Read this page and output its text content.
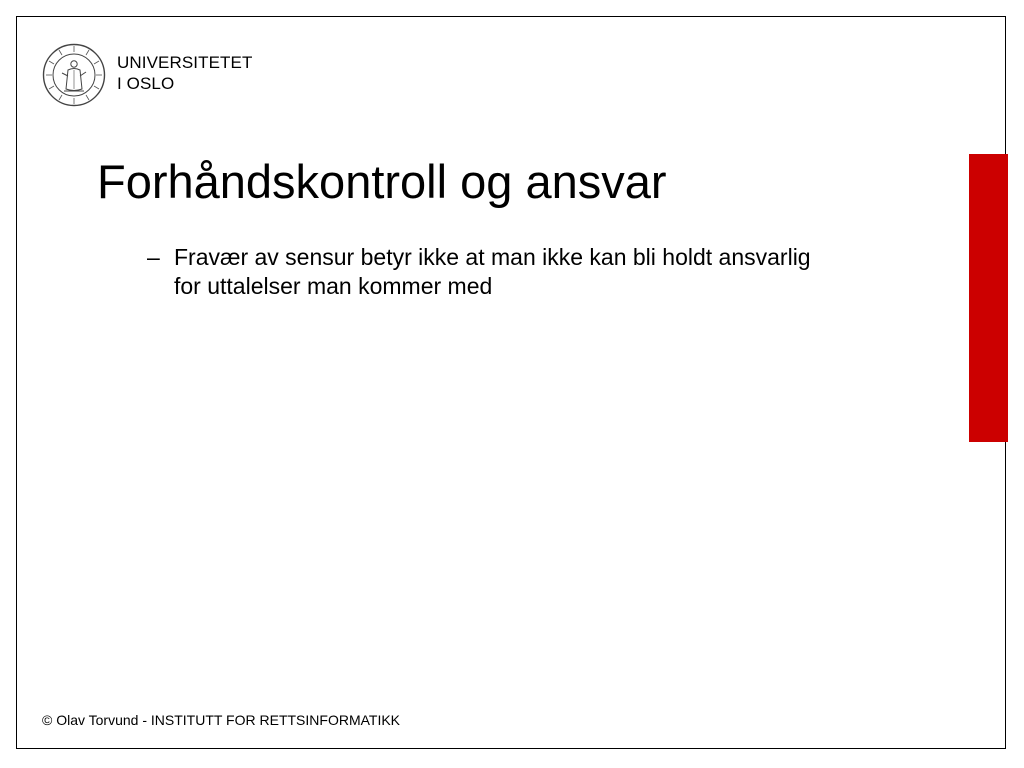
UNIVERSITETET
I OSLO
Forhåndskontroll og ansvar
– Fravær av sensur betyr ikke at man ikke kan bli holdt ansvarlig for uttalelser man kommer med
© Olav Torvund - INSTITUTT FOR RETTSINFORMATIKK
